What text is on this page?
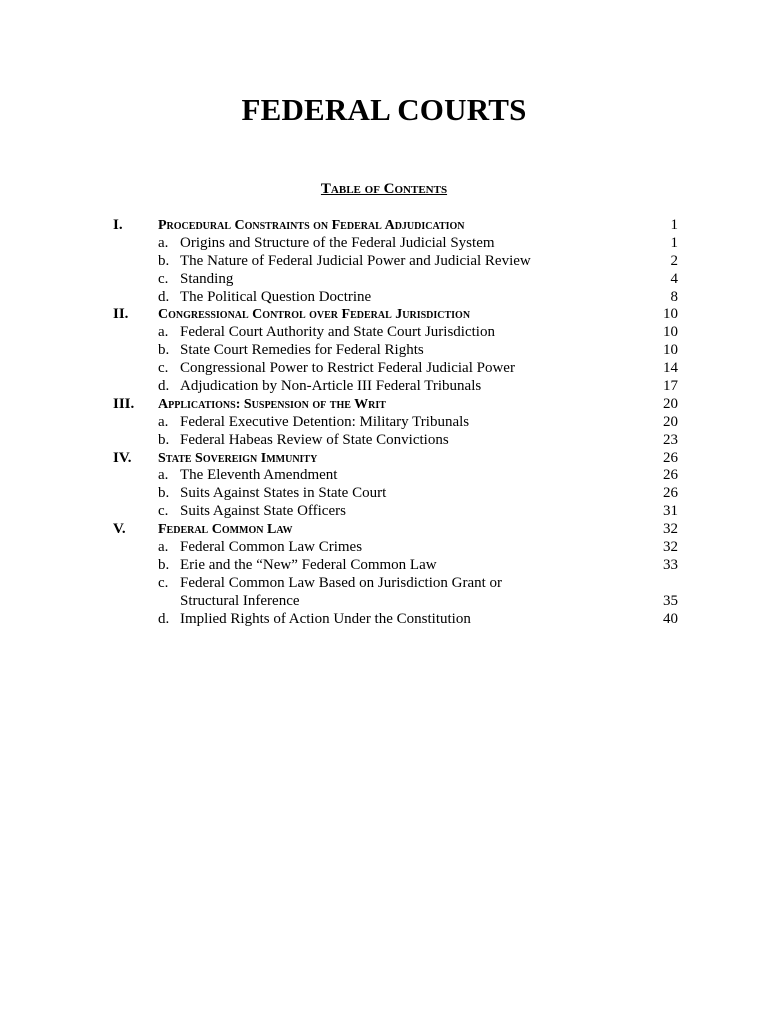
FEDERAL COURTS
Table of Contents
I.	Procedural Constraints on Federal Adjudication	1
a. Origins and Structure of the Federal Judicial System	1
b. The Nature of Federal Judicial Power and Judicial Review	2
c. Standing	4
d. The Political Question Doctrine	8
II. Congressional Control over Federal Jurisdiction	10
a. Federal Court Authority and State Court Jurisdiction	10
b. State Court Remedies for Federal Rights	10
c. Congressional Power to Restrict Federal Judicial Power	14
d. Adjudication by Non-Article III Federal Tribunals	17
III. Applications: Suspension of the Writ	20
a. Federal Executive Detention: Military Tribunals	20
b. Federal Habeas Review of State Convictions	23
IV. State Sovereign Immunity	26
a. The Eleventh Amendment	26
b. Suits Against States in State Court	26
c. Suits Against State Officers	31
V. Federal Common Law	32
a. Federal Common Law Crimes	32
b. Erie and the “New” Federal Common Law	33
c. Federal Common Law Based on Jurisdiction Grant or Structural Inference	35
d. Implied Rights of Action Under the Constitution	40
